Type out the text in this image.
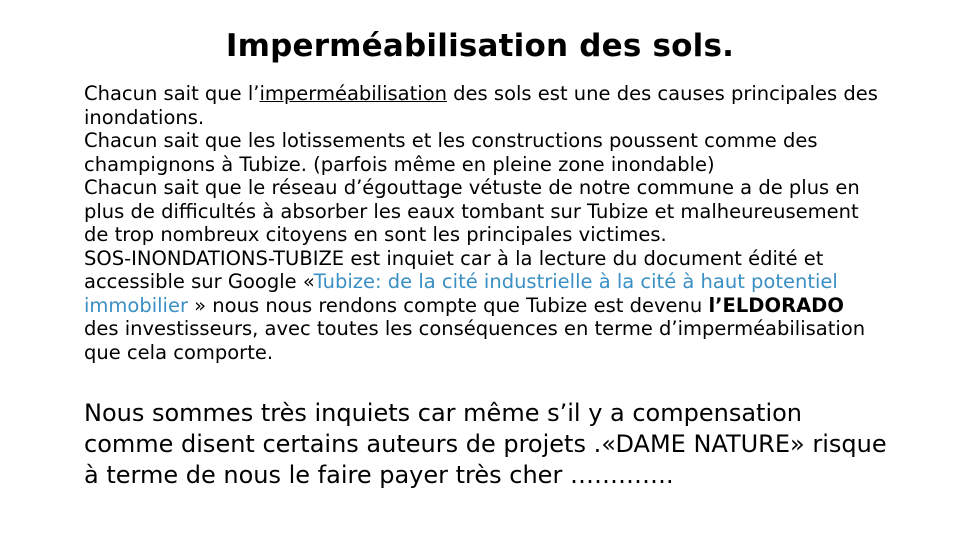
Imperméabilisation des sols.

Chacun sait que l’imperméabilisation des sols est une des causes principales des inondations.

Chacun sait que les lotissements et les constructions poussent comme des champignons à Tubize. (parfois même en pleine zone inondable)

Chacun sait que le réseau d’égouttage vétuste de notre commune a de plus en plus de difficultés à absorber les eaux tombant sur Tubize et malheureusement de trop nombreux citoyens en sont les principales victimes.

SOS-INONDATIONS-TUBIZE est inquiet car à la lecture du document édité et accessible sur Google «Tubize: de la cité industrielle à la cité à haut potentiel immobilier » nous nous rendons compte que Tubize est devenu l’ELDORADO des investisseurs, avec toutes les conséquences en terme d’imperméabilisation que cela comporte.

Nous sommes très inquiets car même s’il y a compensation comme disent certains auteurs de projets .«DAME NATURE» risque à terme de nous le faire payer très cher ………….
